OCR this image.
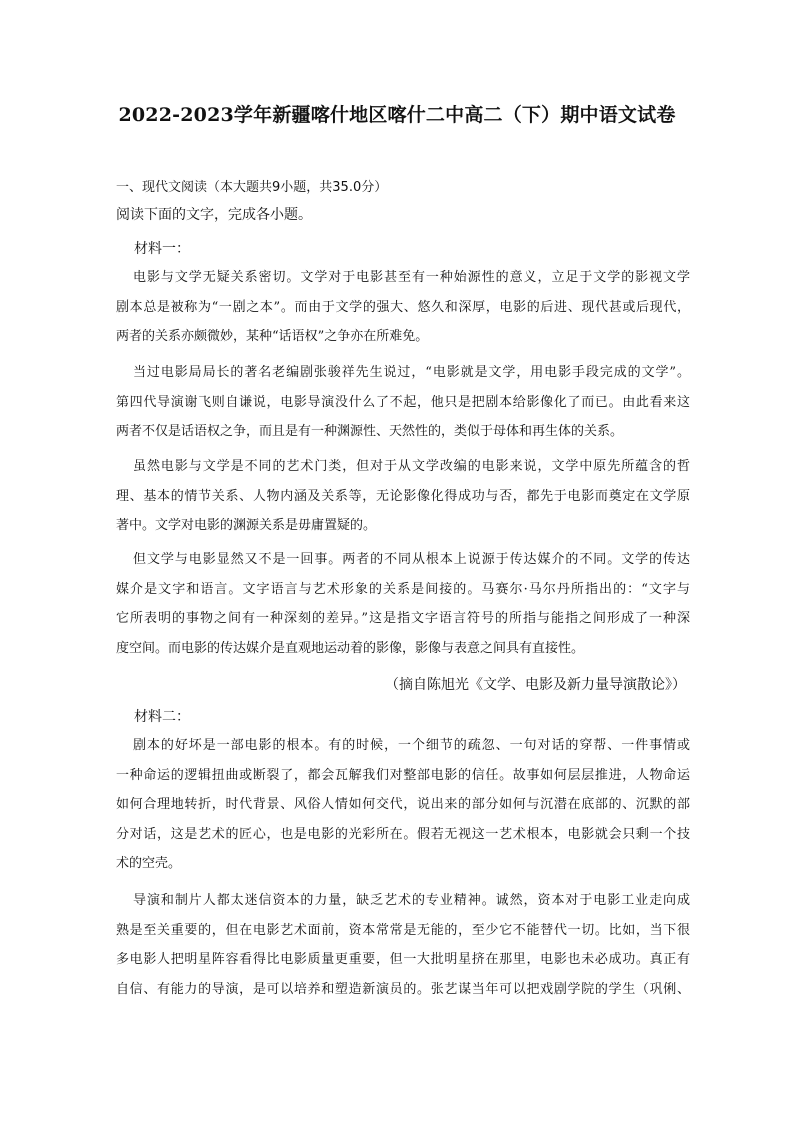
2022-2023学年新疆喀什地区喀什二中高二（下）期中语文试卷
一、现代文阅读（本大题共9小题，共35.0分）
阅读下面的文字，完成各小题。
材料一：
电影与文学无疑关系密切。文学对于电影甚至有一种始源性的意义，立足于文学的影视文学
剧本总是被称为“一剧之本”。而由于文学的强大、悠久和深厚，电影的后进、现代甚或后现代，
两者的关系亦颇微妙，某种“话语权”之争亦在所难免。
当过电影局局长的著名老编剧张骏祥先生说过，“电影就是文学，用电影手段完成的文学”。
第四代导演谢飞则自谦说，电影导演没什么了不起，他只是把剧本给影像化了而已。由此看来这
两者不仅是话语权之争，而且是有一种渊源性、天然性的，类似于母体和再生体的关系。
虽然电影与文学是不同的艺术门类，但对于从文学改编的电影来说，文学中原先所蕴含的哲
理、基本的情节关系、人物内涵及关系等，无论影像化得成功与否，都先于电影而奠定在文学原
著中。文学对电影的渊源关系是毋庸置疑的。
但文学与电影显然又不是一回事。两者的不同从根本上说源于传达媒介的不同。文学的传达
媒介是文字和语言。文字语言与艺术形象的关系是间接的。马赛尔·马尔丹所指出的：“文字与
它所表明的事物之间有一种深刻的差异。”这是指文字语言符号的所指与能指之间形成了一种深
度空间。而电影的传达媒介是直观地运动着的影像，影像与表意之间具有直接性。
（摘自陈旭光《文学、电影及新力量导演散论》）
材料二：
剧本的好坏是一部电影的根本。有的时候，一个细节的疏忽、一句对话的穿帮、一件事情或
一种命运的逻辑扭曲或断裂了，都会瓦解我们对整部电影的信任。故事如何层层推进，人物命运
如何合理地转折，时代背景、风俗人情如何交代，说出来的部分如何与沉潜在底部的、沉默的部
分对话，这是艺术的匠心，也是电影的光彩所在。假若无视这一艺术根本，电影就会只剩一个技
术的空壳。
导演和制片人都太迷信资本的力量，缺乏艺术的专业精神。诚然，资本对于电影工业走向成
熟是至关重要的，但在电影艺术面前，资本常常是无能的，至少它不能替代一切。比如，当下很
多电影人把明星阵容看得比电影质量更重要，但一大批明星挤在那里，电影也未必成功。真正有
自信、有能力的导演，是可以培养和塑造新演员的。张艺谋当年可以把戏剧学院的学生（巩俐、
